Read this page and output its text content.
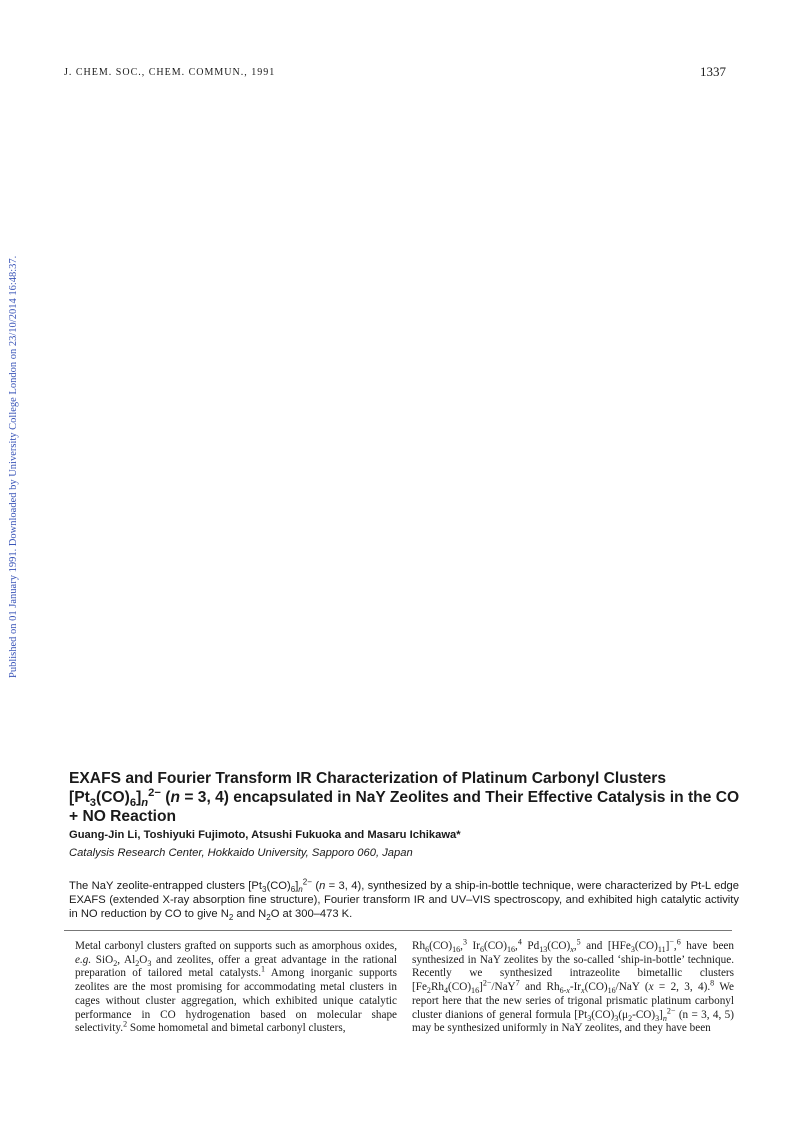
J. CHEM. SOC., CHEM. COMMUN., 1991	1337
Published on 01 January 1991. Downloaded by University College London on 23/10/2014 16:48:37.
EXAFS and Fourier Transform IR Characterization of Platinum Carbonyl Clusters $[Pt_3(CO)_6]_n^{2-}$ (n = 3, 4) encapsulated in NaY Zeolites and Their Effective Catalysis in the CO + NO Reaction
Guang-Jin Li, Toshiyuki Fujimoto, Atsushi Fukuoka and Masaru Ichikawa*
Catalysis Research Center, Hokkaido University, Sapporo 060, Japan
The NaY zeolite-entrapped clusters $[Pt_3(CO)_6]_n^{2-}$ (n = 3, 4), synthesized by a ship-in-bottle technique, were characterized by Pt-L edge EXAFS (extended X-ray absorption fine structure), Fourier transform IR and UV–VIS spectroscopy, and exhibited high catalytic activity in NO reduction by CO to give $N_2$ and $N_2O$ at 300–473 K.
Metal carbonyl clusters grafted on supports such as amorphous oxides, e.g. SiO$_2$, $Al_2O_3$ and zeolites, offer a great advantage in the rational preparation of tailored metal catalysts.$^1$ Among inorganic supports zeolites are the most promising for accommodating metal clusters in cages without cluster aggregation, which exhibited unique catalytic performance in CO hydrogenation based on molecular shape selectivity.$^2$ Some homometal and bimetal carbonyl clusters,
$Rh_6(CO)_{16},^3$ $Ir_6(CO)_{16},^4$ $Pd_{13}(CO)_x,^5$ and $[HFe_3(CO)_{11}]^-,^6$ have been synthesized in NaY zeolites by the so-called ‘ship-in-bottle’ technique. Recently we synthesized intrazeolite bimetallic clusters $[Fe_2Rh_4(CO)_{16}]^{2-}/NaY^7$ and $Rh_{6-x}-Ir_x(CO)_{16}$/NaY (x = 2, 3, 4).$^8$ We report here that the new series of trigonal prismatic platinum carbonyl cluster dianions of general formula $[Pt_3(CO)_3(\mu_2-CO)_3]_n^{2-}$ (n = 3, 4, 5) may be synthesized uniformly in NaY zeolites, and they have been
